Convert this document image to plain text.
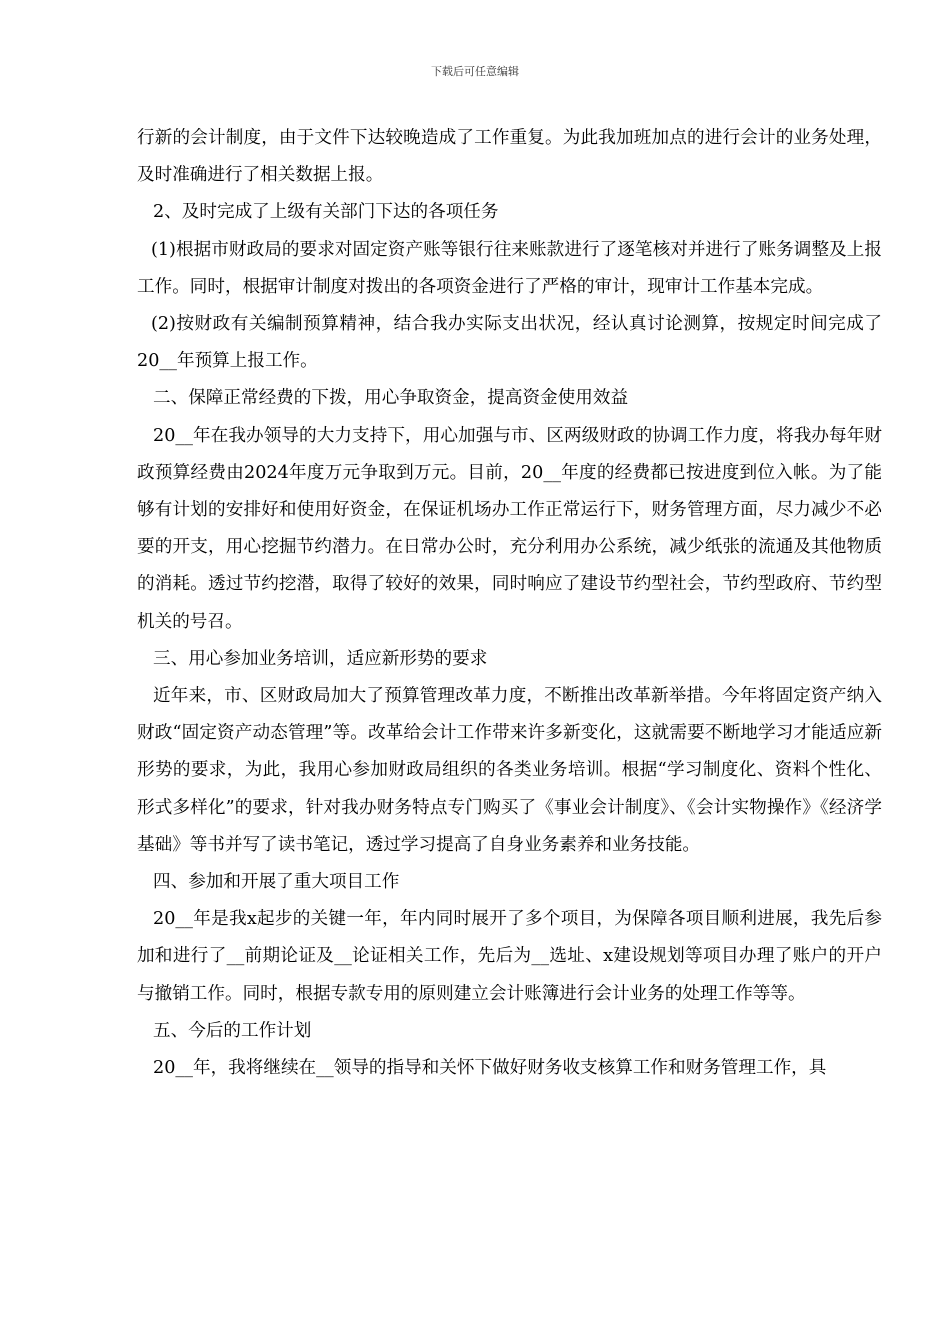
下载后可任意编辑

行新的会计制度，由于文件下达较晚造成了工作重复。为此我加班加点的进行会计的业务处理，及时准确进行了相关数据上报。

2、及时完成了上级有关部门下达的各项任务

(1)根据市财政局的要求对固定资产账等银行往来账款进行了逐笔核对并进行了账务调整及上报工作。同时，根据审计制度对拨出的各项资金进行了严格的审计，现审计工作基本完成。

(2)按财政有关编制预算精神，结合我办实际支出状况，经认真讨论测算，按规定时间完成了20__年预算上报工作。

二、保障正常经费的下拨，用心争取资金，提高资金使用效益

20__年在我办领导的大力支持下，用心加强与市、区两级财政的协调工作力度，将我办每年财政预算经费由2024年度万元争取到万元。目前，20__年度的经费都已按进度到位入帐。为了能够有计划的安排好和使用好资金，在保证机场办工作正常运行下，财务管理方面，尽力减少不必要的开支，用心挖掘节约潜力。在日常办公时，充分利用办公系统，减少纸张的流通及其他物质的消耗。透过节约挖潜，取得了较好的效果，同时响应了建设节约型社会，节约型政府、节约型机关的号召。

三、用心参加业务培训，适应新形势的要求

近年来，市、区财政局加大了预算管理改革力度，不断推出改革新举措。今年将固定资产纳入财政“固定资产动态管理”等。改革给会计工作带来许多新变化，这就需要不断地学习才能适应新形势的要求，为此，我用心参加财政局组织的各类业务培训。根据“学习制度化、资料个性化、形式多样化”的要求，针对我办财务特点专门购买了《事业会计制度》、《会计实物操作》《经济学基础》等书并写了读书笔记，透过学习提高了自身业务素养和业务技能。

四、参加和开展了重大项目工作

20__年是我x起步的关键一年，年内同时展开了多个项目，为保障各项目顺利进展，我先后参加和进行了__前期论证及__论证相关工作，先后为__选址、x建设规划等项目办理了账户的开户与撤销工作。同时，根据专款专用的原则建立会计账簿进行会计业务的处理工作等等。

五、今后的工作计划

20__年，我将继续在__领导的指导和关怀下做好财务收支核算工作和财务管理工作，具
